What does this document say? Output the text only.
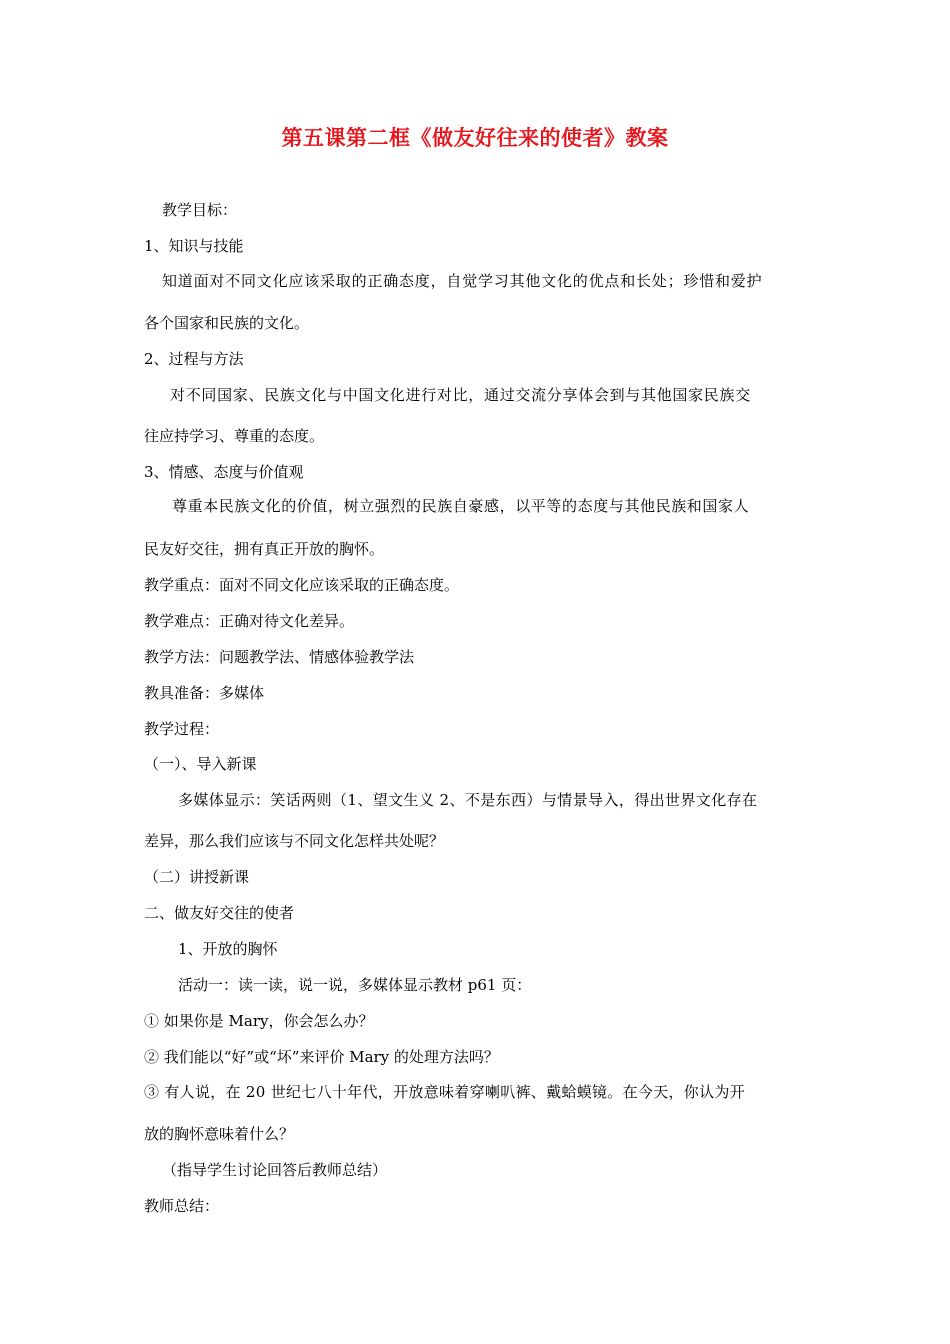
第五课第二框《做友好往来的使者》教案
教学目标：
1、知识与技能
知道面对不同文化应该采取的正确态度，自觉学习其他文化的优点和长处；珍惜和爱护
各个国家和民族的文化。
2、过程与方法
对不同国家、民族文化与中国文化进行对比，通过交流分享体会到与其他国家民族交
往应持学习、尊重的态度。
3、情感、态度与价值观
尊重本民族文化的价值，树立强烈的民族自豪感，以平等的态度与其他民族和国家人
民友好交往，拥有真正开放的胸怀。
教学重点：面对不同文化应该采取的正确态度。
教学难点：正确对待文化差异。
教学方法：问题教学法、情感体验教学法
教具准备：多媒体
教学过程：
（一）、导入新课
多媒体显示：笑话两则（1、望文生义 2、不是东西）与情景导入，得出世界文化存在
差异，那么我们应该与不同文化怎样共处呢？
（二）讲授新课
二、做友好交往的使者
1、开放的胸怀
活动一：读一读，说一说，多媒体显示教材 p61 页：
① 如果你是 Mary，你会怎么办？
② 我们能以“好”或“坏”来评价 Mary 的处理方法吗？
③ 有人说，在 20 世纪七八十年代，开放意味着穿喇叭裤、戴蛤蟆镜。在今天，你认为开
放的胸怀意味着什么？
（指导学生讨论回答后教师总结）
教师总结：
